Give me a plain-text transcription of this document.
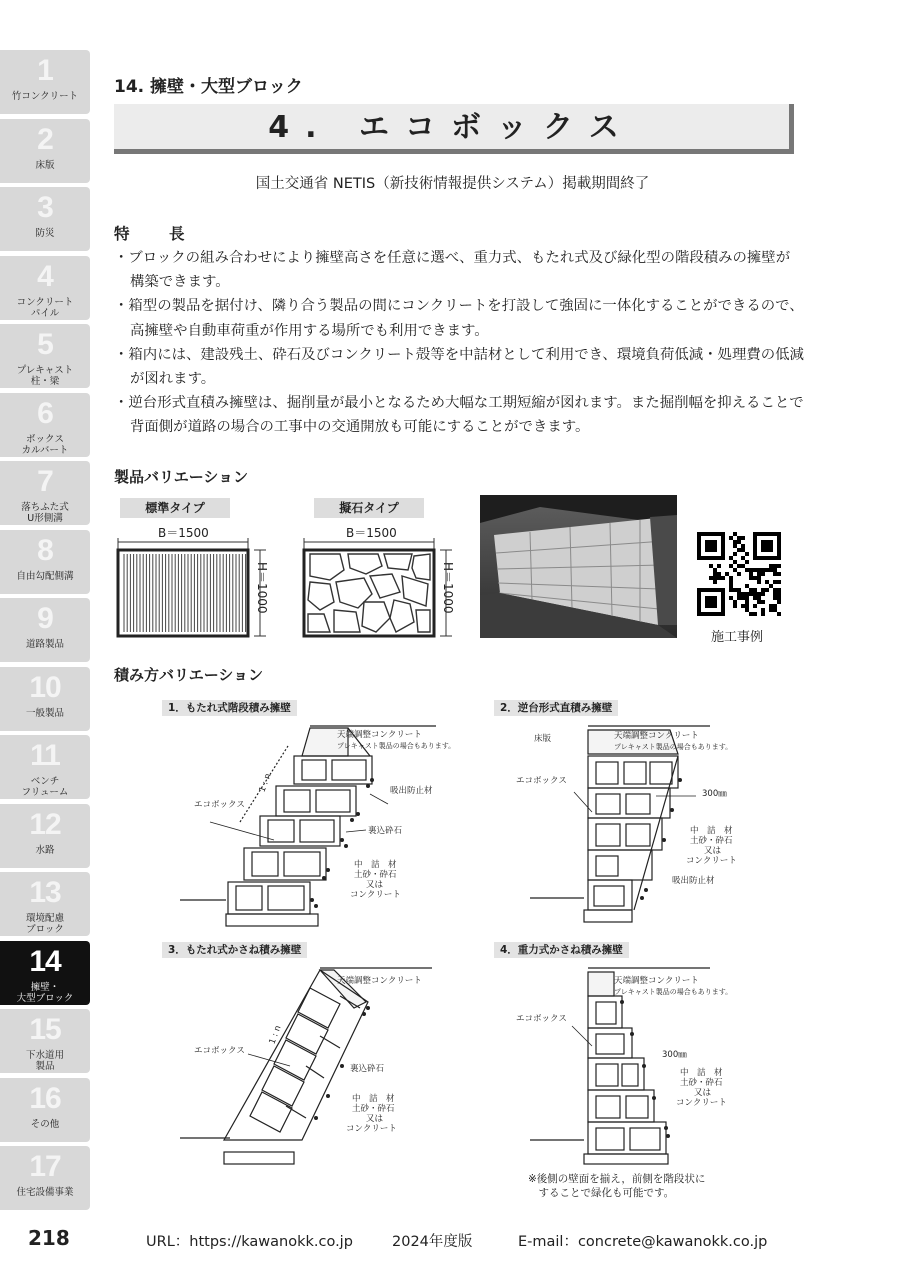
1
竹コンクリート
2
床版
3
防災
4
コンクリート
パイル
5
プレキャスト
柱・梁
6
ボックス
カルバート
7
落ちふた式
U形側溝
8
自由勾配側溝
9
道路製品
10
一般製品
11
ベンチ
フリューム
12
水路
13
環境配慮
ブロック
14
擁壁・
大型ブロック
15
下水道用
製品
16
その他
17
住宅設備事業
14. 擁壁・大型ブロック
4. エコボックス
国土交通省 NETIS（新技術情報提供システム）掲載期間終了
特　長
・ ブロックの組み合わせにより擁壁高さを任意に選べ、重力式、もたれ式及び緑化型の階段積みの擁壁が構築できます。
・ 箱型の製品を据付け、隣り合う製品の間にコンクリートを打設して強固に一体化することができるので、高擁壁や自動車荷重が作用する場所でも利用できます。
・ 箱内には、建設残土、砕石及びコンクリート殻等を中詰材として利用でき、環境負荷低減・処理費の低減が図れます。
・ 逆台形式直積み擁壁は、掘削量が最小となるため大幅な工期短縮が図れます。また掘削幅を抑えることで背面側が道路の場合の工事中の交通開放も可能にすることができます。
製品バリエーション
標準タイプ
B＝1500
H＝1000
擬石タイプ
B＝1500
H＝1000
施工事例
積み方バリエーション
1．もたれ式階段積み擁壁
天端調整コンクリート
プレキャスト製品の場合もあります。
吸出防止材
エコボックス
裏込砕石
1 : n
中　詰　材
土砂・砕石
又は
コンクリート
2．逆台形式直積み擁壁
床版	天端調整コンクリート
プレキャスト製品の場合もあります。
エコボックス
300㎜
中　詰　材
土砂・砕石
又は
コンクリート
吸出防止材
3．もたれ式かさね積み擁壁
天端調整コンクリート
1 : n
エコボックス
裏込砕石
中　詰　材
土砂・砕石
又は
コンクリート
4．重力式かさね積み擁壁
天端調整コンクリート
プレキャスト製品の場合もあります。
エコボックス
300㎜
中　詰　材
土砂・砕石
又は
コンクリート
※後側の壁面を揃え，前側を階段状に
　することで緑化も可能です。
218	URL：https://kawanokk.co.jp	2024年度版	E-mail：concrete@kawanokk.co.jp
